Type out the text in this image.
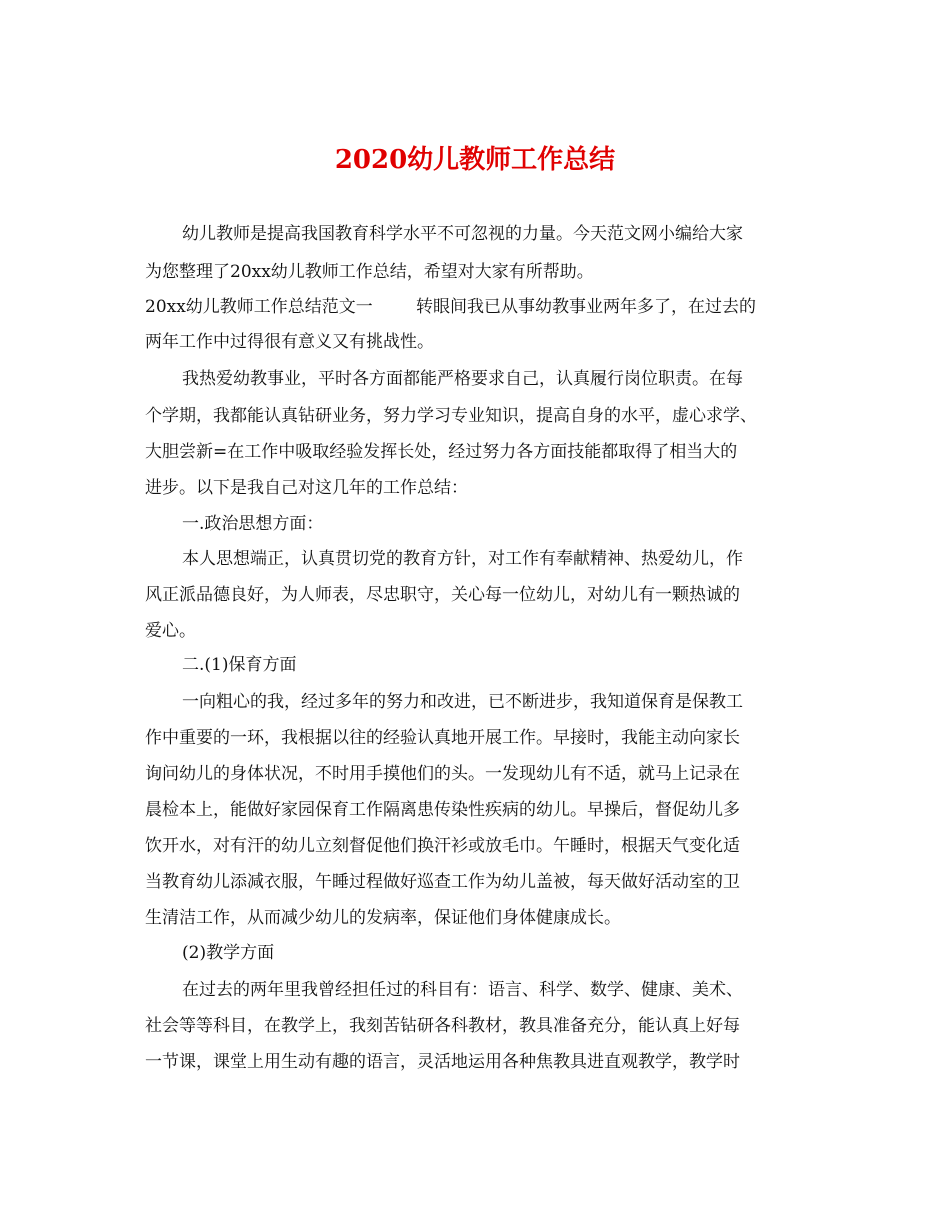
2020幼儿教师工作总结
幼儿教师是提高我国教育科学水平不可忽视的力量。今天范文网小编给大家
为您整理了20xx幼儿教师工作总结，希望对大家有所帮助。
20xx幼儿教师工作总结范文一        转眼间我已从事幼教事业两年多了，在过去的
两年工作中过得很有意义又有挑战性。
我热爱幼教事业，平时各方面都能严格要求自己，认真履行岗位职责。在每
个学期，我都能认真钻研业务，努力学习专业知识，提高自身的水平，虚心求学、
大胆尝新=在工作中吸取经验发挥长处，经过努力各方面技能都取得了相当大的
进步。以下是我自己对这几年的工作总结：
一.政治思想方面：
本人思想端正，认真贯切党的教育方针，对工作有奉献精神、热爱幼儿，作
风正派品德良好，为人师表，尽忠职守，关心每一位幼儿，对幼儿有一颗热诚的
爱心。
二.(1)保育方面
一向粗心的我，经过多年的努力和改进，已不断进步，我知道保育是保教工
作中重要的一环，我根据以往的经验认真地开展工作。早接时，我能主动向家长
询问幼儿的身体状况，不时用手摸他们的头。一发现幼儿有不适，就马上记录在
晨检本上，能做好家园保育工作隔离患传染性疾病的幼儿。早操后，督促幼儿多
饮开水，对有汗的幼儿立刻督促他们换汗衫或放毛巾。午睡时，根据天气变化适
当教育幼儿添减衣服，午睡过程做好巡查工作为幼儿盖被，每天做好活动室的卫
生清洁工作，从而减少幼儿的发病率，保证他们身体健康成长。
(2)教学方面
在过去的两年里我曾经担任过的科目有：语言、科学、数学、健康、美术、
社会等等科目，在教学上，我刻苦钻研各科教材，教具准备充分，能认真上好每
一节课，课堂上用生动有趣的语言，灵活地运用各种焦教具进直观教学，教学时
